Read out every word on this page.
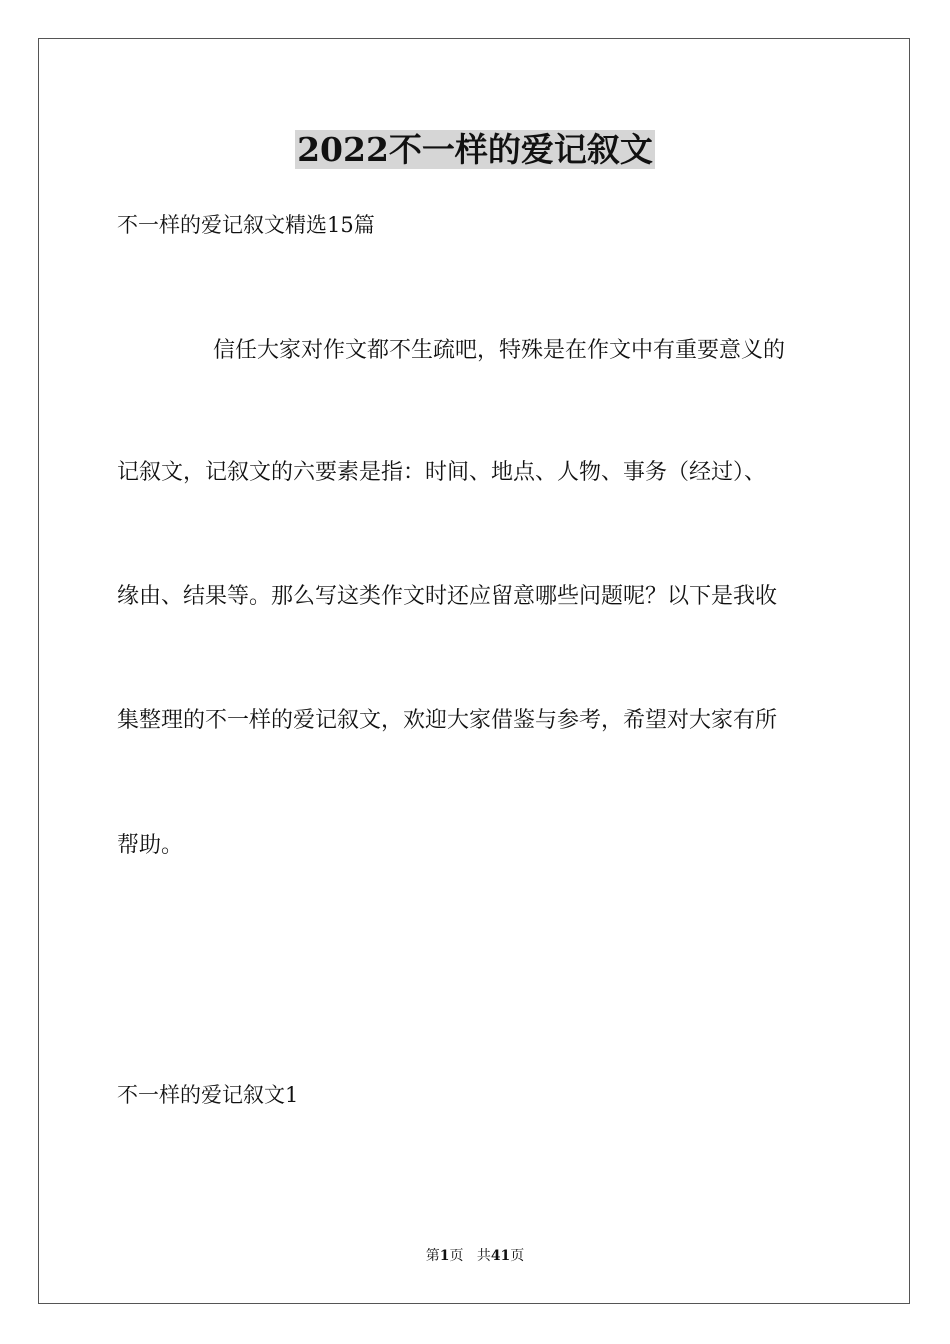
2022不一样的爱记叙文
不一样的爱记叙文精选15篇
信任大家对作文都不生疏吧，特殊是在作文中有重要意义的
记叙文，记叙文的六要素是指：时间、地点、人物、事务（经过）、
缘由、结果等。那么写这类作文时还应留意哪些问题呢？以下是我收
集整理的不一样的爱记叙文，欢迎大家借鉴与参考，希望对大家有所
帮助。
不一样的爱记叙文1
第1页 共41页
